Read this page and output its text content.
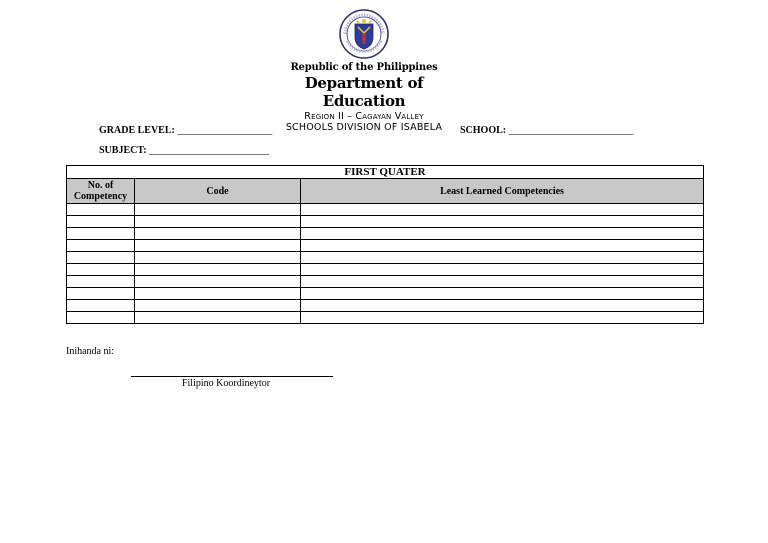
Republic of the Philippines
Department of Education
Region II – Cagayan Valley
SCHOOLS DIVISION OF ISABELA
GRADE LEVEL: ___________________	SCHOOL: _________________________
SUBJECT: ________________________
FIRST QUATER		
No. of Competency	Code	Least Learned Competencies

Inihanda ni:
Filipino Koordineytor
